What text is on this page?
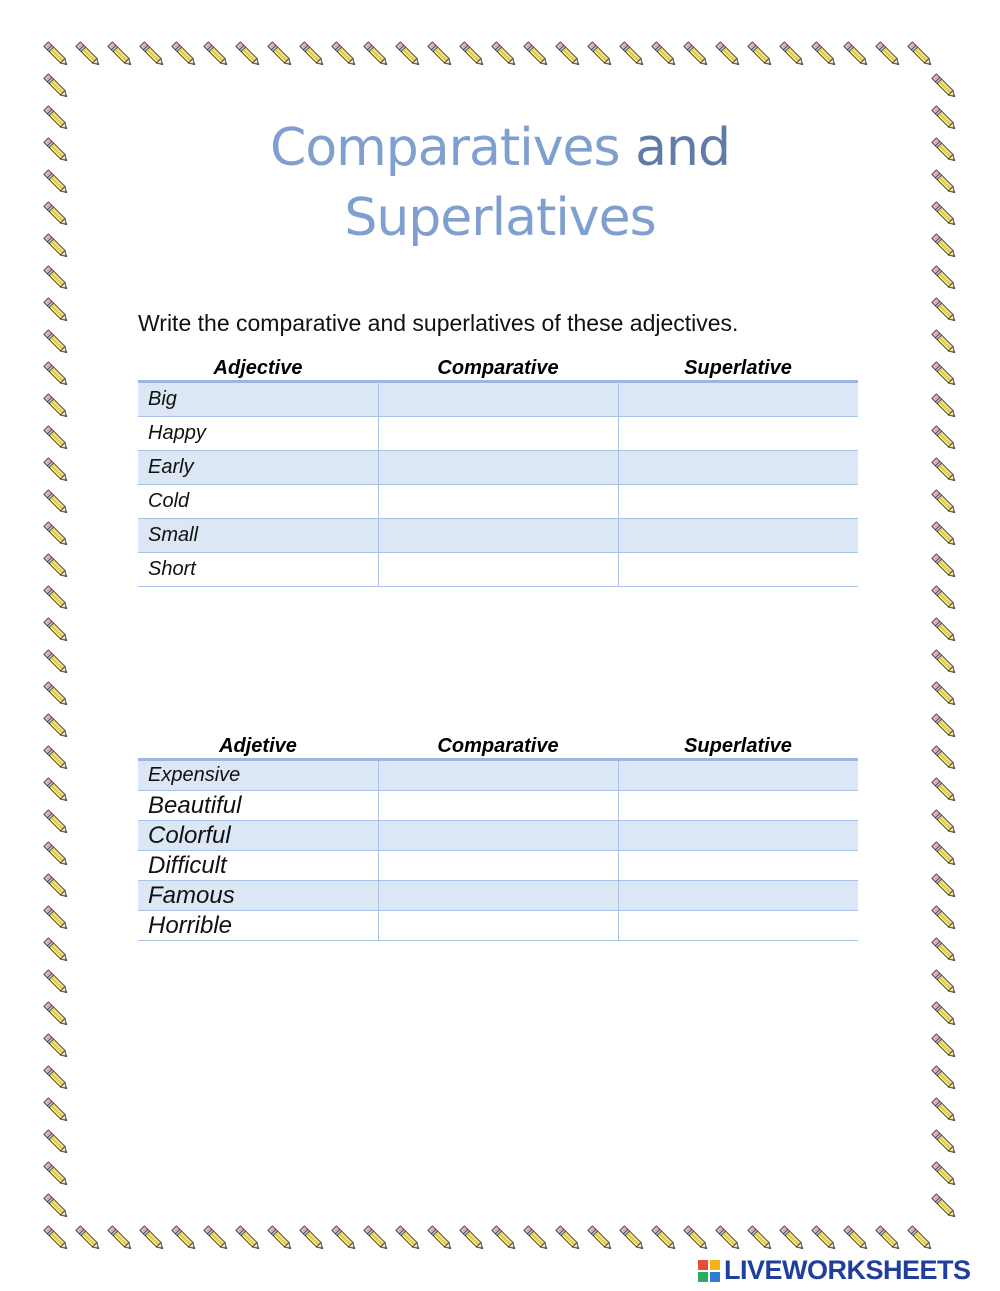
Comparatives and
Superlatives
Write the comparative and superlatives of these adjectives.
Adjective	Comparative	Superlative
Big		
Happy		
Early		
Cold		
Small		
Short		
Adjetive	Comparative	Superlative
Expensive		
Beautiful		
Colorful		
Difficult		
Famous		
Horrible		
LIVEWORKSHEETS
